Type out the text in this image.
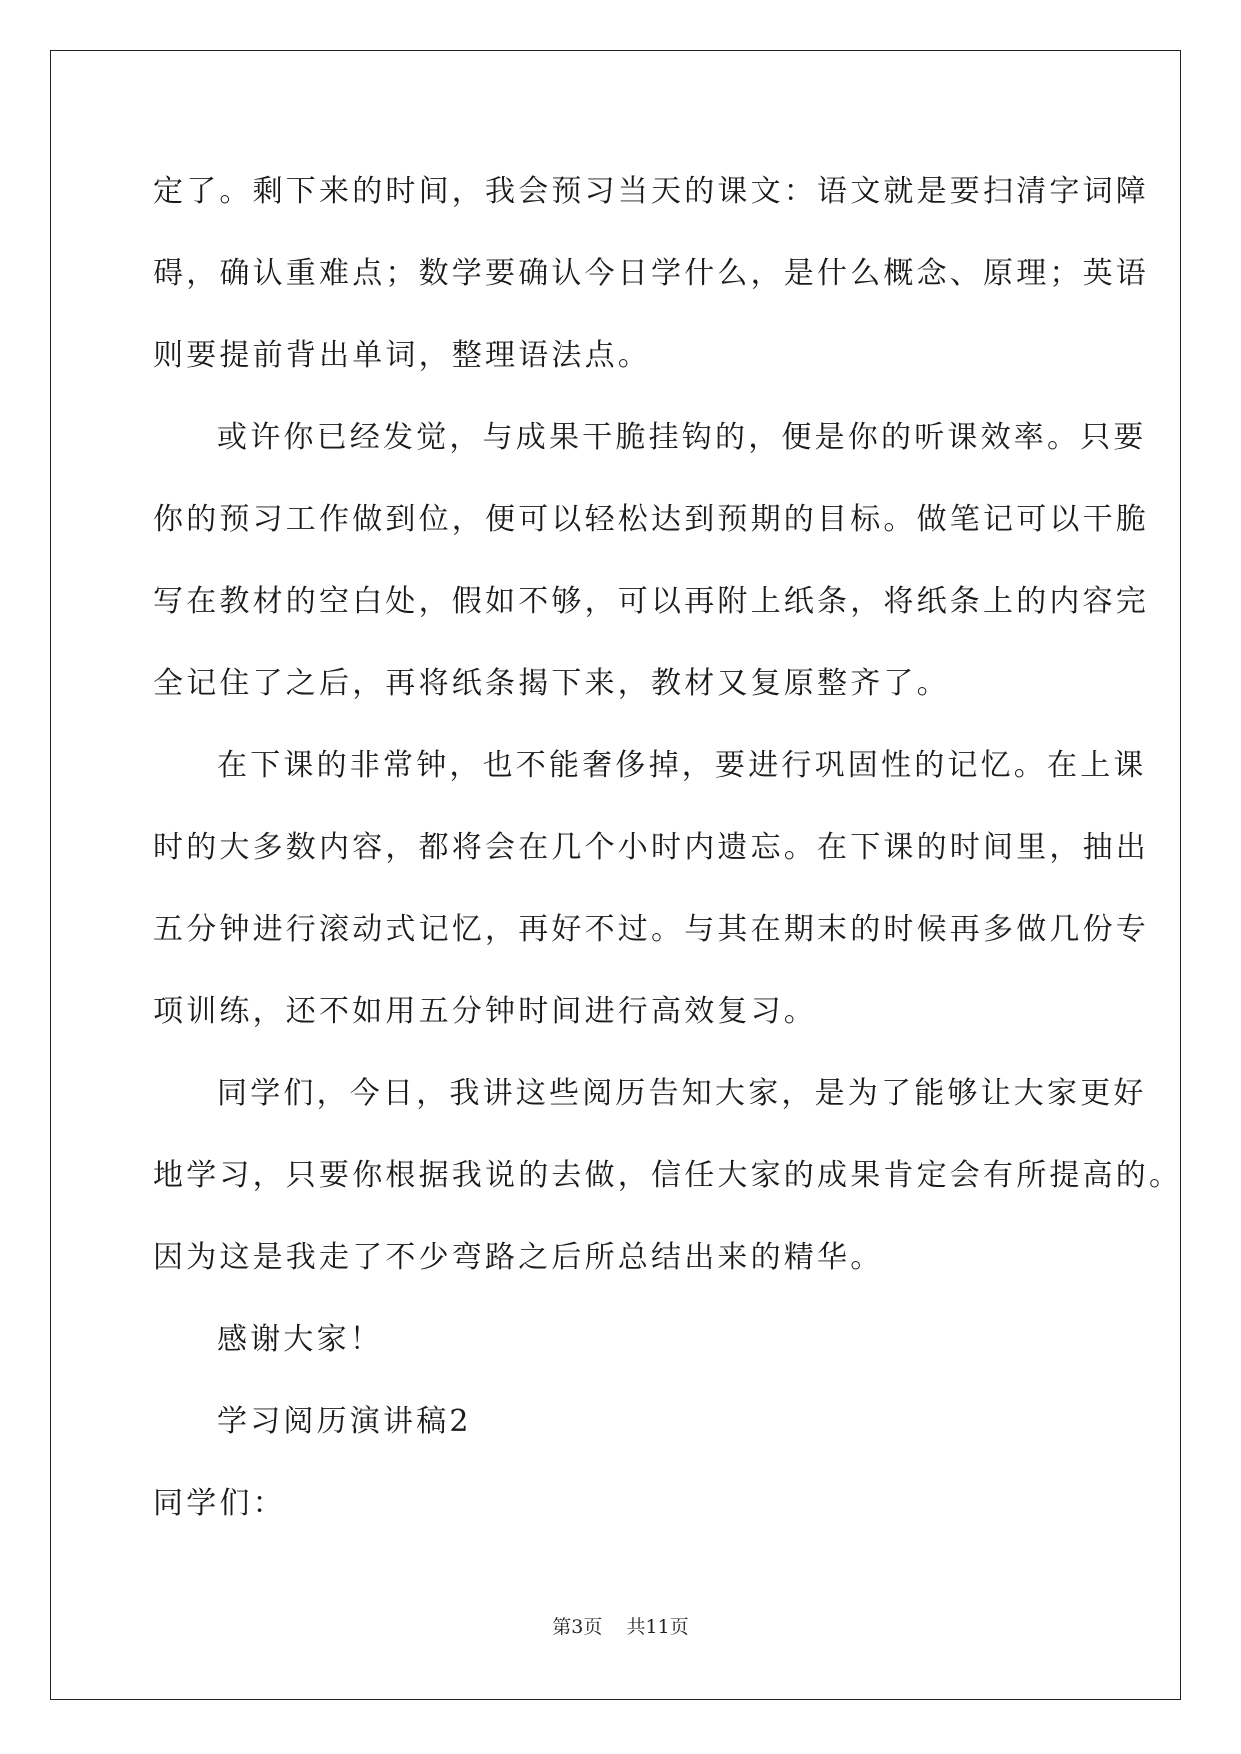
定了。剩下来的时间，我会预习当天的课文：语文就是要扫清字词障
碍，确认重难点；数学要确认今日学什么，是什么概念、原理；英语
则要提前背出单词，整理语法点。
或许你已经发觉，与成果干脆挂钩的，便是你的听课效率。只要
你的预习工作做到位，便可以轻松达到预期的目标。做笔记可以干脆
写在教材的空白处，假如不够，可以再附上纸条，将纸条上的内容完
全记住了之后，再将纸条揭下来，教材又复原整齐了。
在下课的非常钟，也不能奢侈掉，要进行巩固性的记忆。在上课
时的大多数内容，都将会在几个小时内遗忘。在下课的时间里，抽出
五分钟进行滚动式记忆，再好不过。与其在期末的时候再多做几份专
项训练，还不如用五分钟时间进行高效复习。
同学们，今日，我讲这些阅历告知大家，是为了能够让大家更好
地学习，只要你根据我说的去做，信任大家的成果肯定会有所提高的。
因为这是我走了不少弯路之后所总结出来的精华。
感谢大家！
学习阅历演讲稿2
同学们：
第3页    共11页
